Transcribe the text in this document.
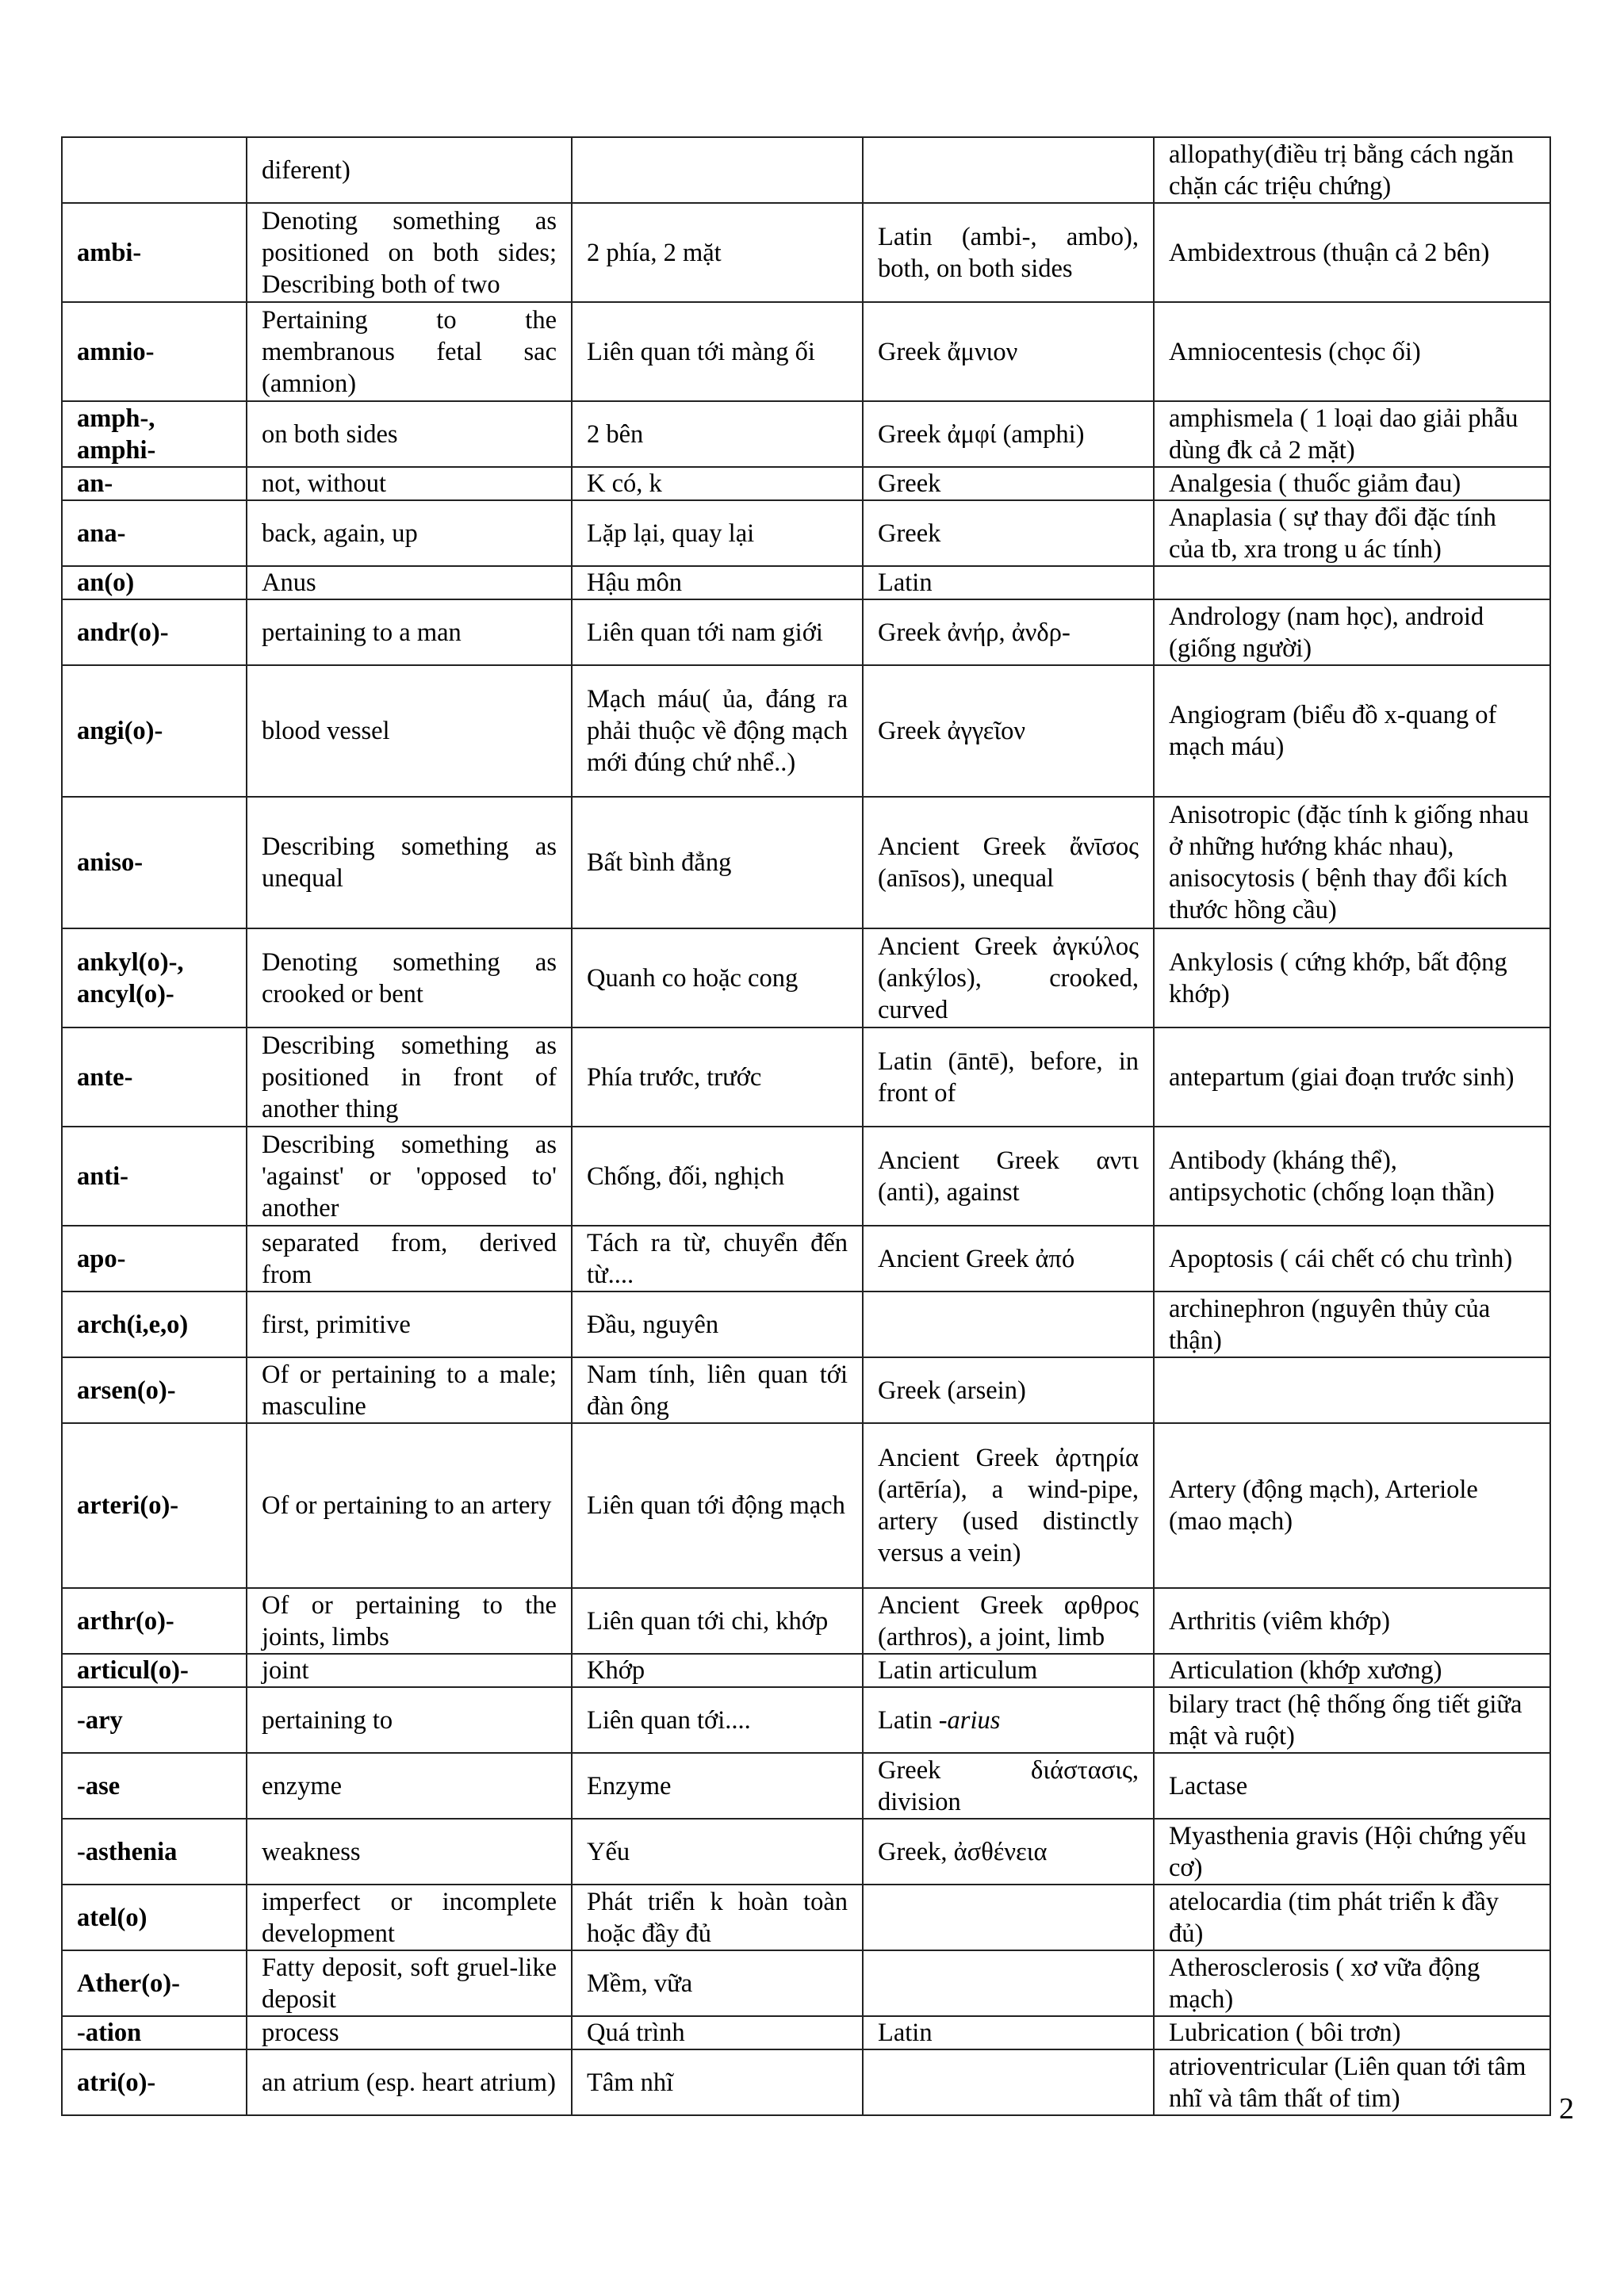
	diferent)			allopathy(điều trị bằng cách ngăn chặn các triệu chứng)
ambi-	Denoting something as positioned on both sides; Describing both of two	2 phía, 2 mặt	Latin (ambi-, ambo), both, on both sides	Ambidextrous (thuận cả 2 bên)
amnio-	Pertaining to the membranous fetal sac (amnion)	Liên quan tới màng ối	Greek ἄμνιον	Amniocentesis (chọc ối)
amph-, amphi-	on both sides	2 bên	Greek ἀμφί (amphi)	amphismela ( 1 loại dao giải phẫu dùng đk cả 2 mặt)
an-	not, without	K có, k	Greek	Analgesia ( thuốc giảm đau)
ana-	back, again, up	Lặp lại, quay lại	Greek	Anaplasia ( sự thay đổi đặc tính của tb, xra trong u ác tính)
an(o)	Anus	Hậu môn	Latin	
andr(o)-	pertaining to a man	Liên quan tới nam giới	Greek ἀνήρ, ἀνδρ-	Andrology (nam học), android (giống người)
angi(o)-	blood vessel	Mạch máu( ủa, đáng ra phải thuộc về động mạch mới đúng chứ nhể..)	Greek ἀγγεῖον	Angiogram (biểu đồ x-quang of mạch máu)
aniso-	Describing something as unequal	Bất bình đẳng	Ancient Greek ἄνῑσος (anīsos), unequal	Anisotropic (đặc tính k giống nhau ở những hướng khác nhau), anisocytosis ( bệnh thay đổi kích thước hồng cầu)
ankyl(o)-, ancyl(o)-	Denoting something as crooked or bent	Quanh co hoặc cong	Ancient Greek ἀγκύλος (ankýlos), crooked, curved	Ankylosis ( cứng khớp, bất động khớp)
ante-	Describing something as positioned in front of another thing	Phía trước, trước	Latin (āntē), before, in front of	antepartum (giai đoạn trước sinh)
anti-	Describing something as 'against' or 'opposed to' another	Chống, đối, nghịch	Ancient Greek αντι (anti), against	Antibody (kháng thể), antipsychotic (chống loạn thần)
apo-	separated from, derived from	Tách ra từ, chuyển đến từ....	Ancient Greek ἀπό	Apoptosis ( cái chết có chu trình)
arch(i,e,o)	first, primitive	Đầu, nguyên		archinephron (nguyên thủy của thận)
arsen(o)-	Of or pertaining to a male; masculine	Nam tính, liên quan tới đàn ông	Greek (arsein)	
arteri(o)-	Of or pertaining to an artery	Liên quan tới động mạch	Ancient Greek ἀρτηρία (artēría), a wind-pipe, artery (used distinctly versus a vein)	Artery (động mạch), Arteriole (mao mạch)
arthr(o)-	Of or pertaining to the joints, limbs	Liên quan tới chi, khớp	Ancient Greek αρθρος (arthros), a joint, limb	Arthritis (viêm khớp)
articul(o)-	joint	Khớp	Latin articulum	Articulation (khớp xương)
-ary	pertaining to	Liên quan tới....	Latin -arius	bilary tract (hệ thống ống tiết giữa mật và ruột)
-ase	enzyme	Enzyme	Greek διάστασις, division	Lactase
-asthenia	weakness	Yếu	Greek, ἀσθένεια	Myasthenia gravis (Hội chứng yếu cơ)
atel(o)	imperfect or incomplete development	Phát triển k hoàn toàn hoặc đầy đủ		atelocardia (tim phát triển k đầy đủ)
Ather(o)-	Fatty deposit, soft gruel-like deposit	Mềm, vữa		Atherosclerosis ( xơ vữa động mạch)
-ation	process	Quá trình	Latin	Lubrication ( bôi trơn)
atri(o)-	an atrium (esp. heart atrium)	Tâm nhĩ		atrioventricular (Liên quan tới tâm nhĩ và tâm thất of tim)	2
